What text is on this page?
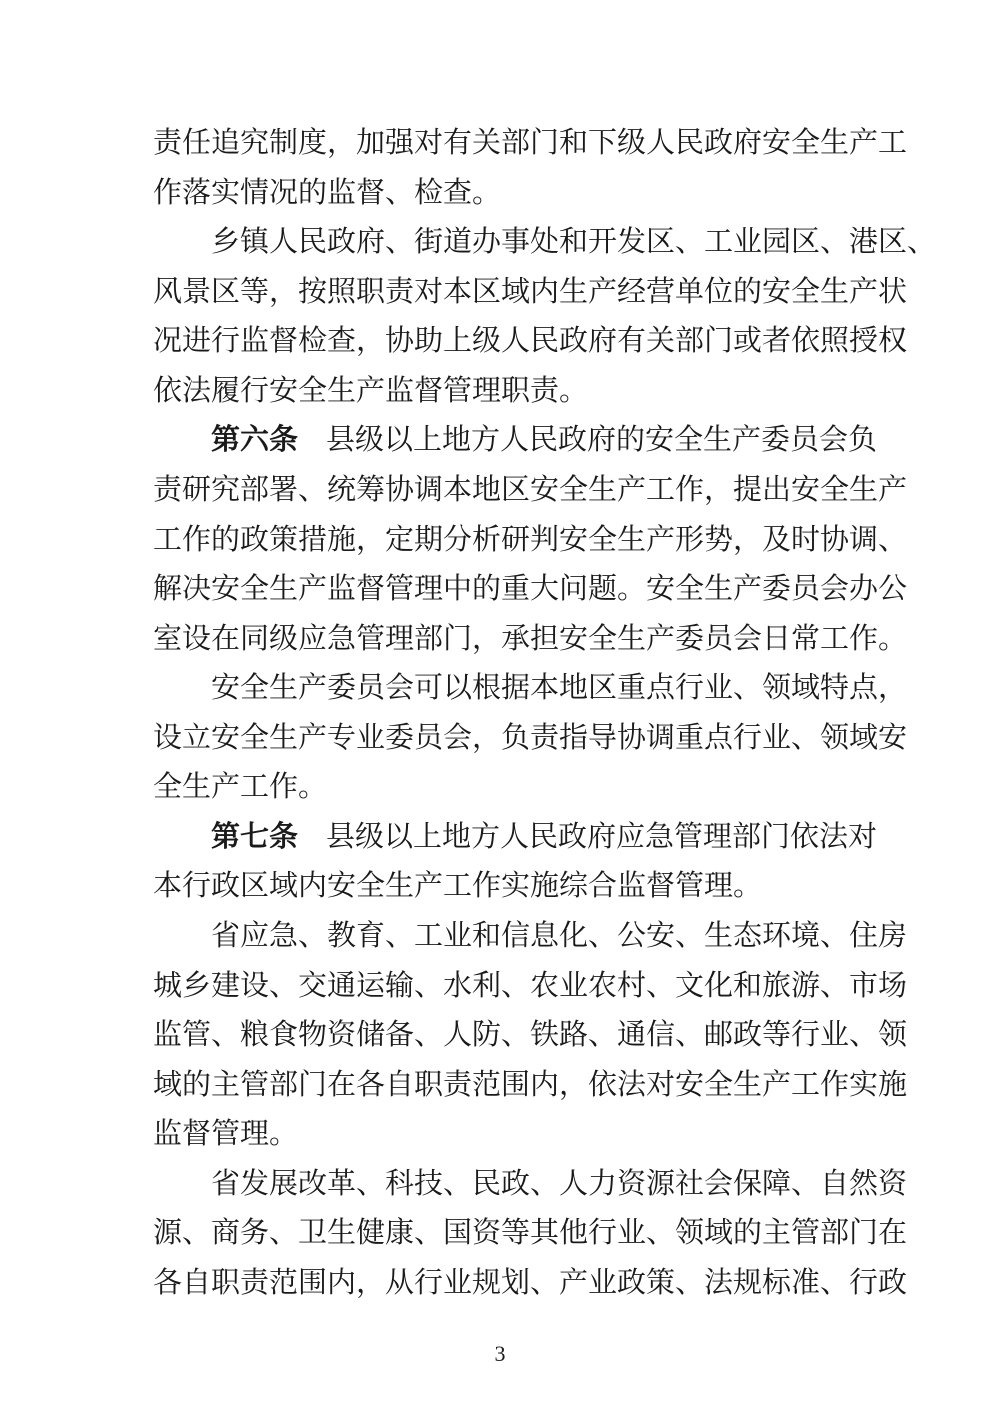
责任追究制度，加强对有关部门和下级人民政府安全生产工
作落实情况的监督、检查。
乡镇人民政府、街道办事处和开发区、工业园区、港区、
风景区等，按照职责对本区域内生产经营单位的安全生产状
况进行监督检查，协助上级人民政府有关部门或者依照授权
依法履行安全生产监督管理职责。
第六条 县级以上地方人民政府的安全生产委员会负
责研究部署、统筹协调本地区安全生产工作，提出安全生产
工作的政策措施，定期分析研判安全生产形势，及时协调、
解决安全生产监督管理中的重大问题。安全生产委员会办公
室设在同级应急管理部门，承担安全生产委员会日常工作。
安全生产委员会可以根据本地区重点行业、领域特点，
设立安全生产专业委员会，负责指导协调重点行业、领域安
全生产工作。
第七条 县级以上地方人民政府应急管理部门依法对
本行政区域内安全生产工作实施综合监督管理。
省应急、教育、工业和信息化、公安、生态环境、住房
城乡建设、交通运输、水利、农业农村、文化和旅游、市场
监管、粮食物资储备、人防、铁路、通信、邮政等行业、领
域的主管部门在各自职责范围内，依法对安全生产工作实施
监督管理。
省发展改革、科技、民政、人力资源社会保障、自然资
源、商务、卫生健康、国资等其他行业、领域的主管部门在
各自职责范围内，从行业规划、产业政策、法规标准、行政
3
